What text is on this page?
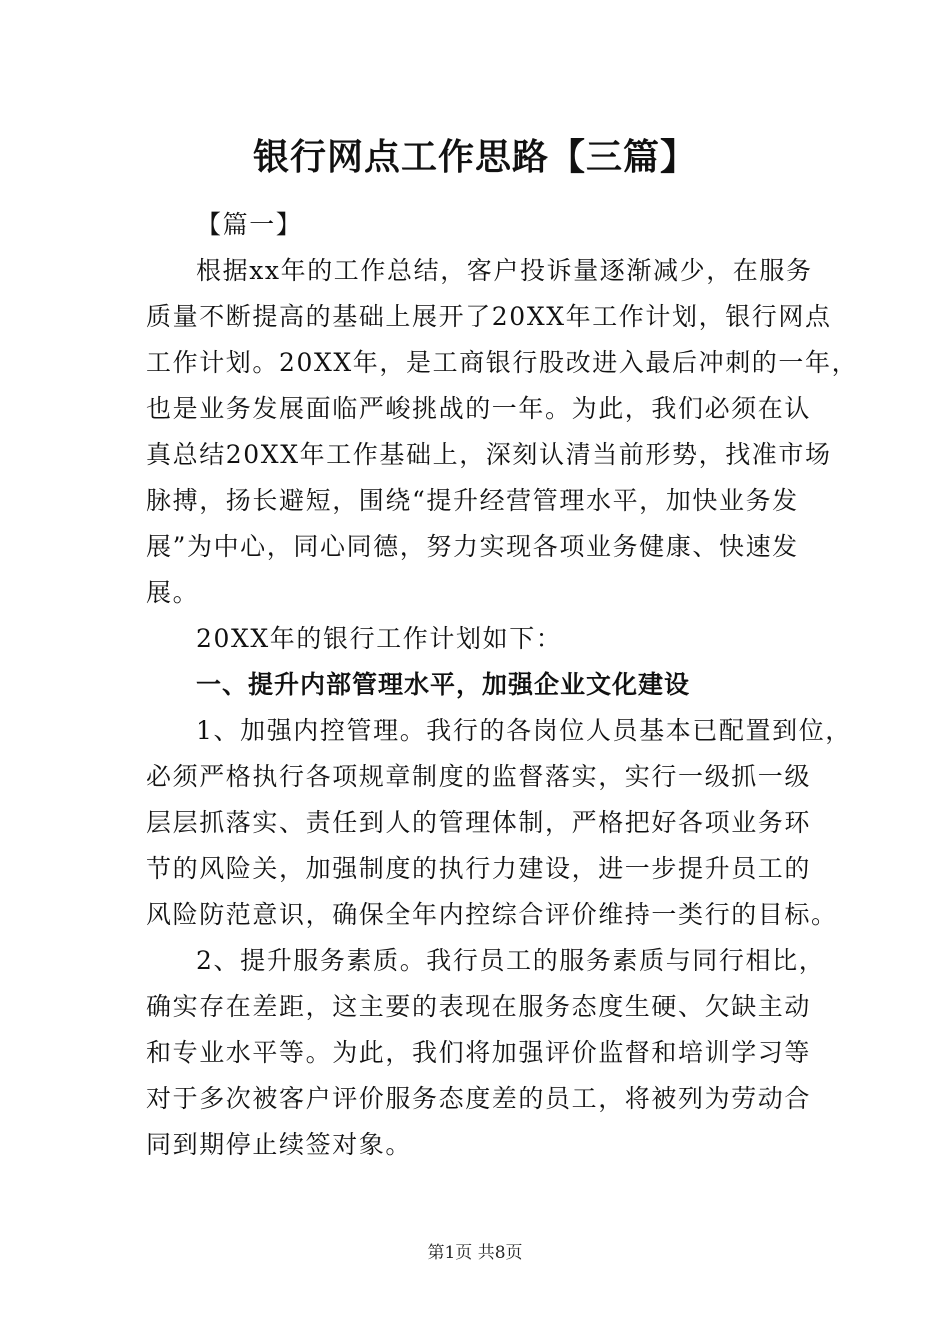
银行网点工作思路【三篇】
【篇一】
根据xx年的工作总结，客户投诉量逐渐减少，在服务
质量不断提高的基础上展开了20XX年工作计划，银行网点
工作计划。20XX年，是工商银行股改进入最后冲刺的一年，
也是业务发展面临严峻挑战的一年。为此，我们必须在认
真总结20XX年工作基础上，深刻认清当前形势，找准市场
脉搏，扬长避短，围绕“提升经营管理水平，加快业务发
展”为中心，同心同德，努力实现各项业务健康、快速发
展。
20XX年的银行工作计划如下：
一、提升内部管理水平，加强企业文化建设
1、加强内控管理。我行的各岗位人员基本已配置到位，
必须严格执行各项规章制度的监督落实，实行一级抓一级
层层抓落实、责任到人的管理体制，严格把好各项业务环
节的风险关，加强制度的执行力建设，进一步提升员工的
风险防范意识，确保全年内控综合评价维持一类行的目标。
2、提升服务素质。我行员工的服务素质与同行相比，
确实存在差距，这主要的表现在服务态度生硬、欠缺主动
和专业水平等。为此，我们将加强评价监督和培训学习等
对于多次被客户评价服务态度差的员工，将被列为劳动合
同到期停止续签对象。
第1页 共8页
